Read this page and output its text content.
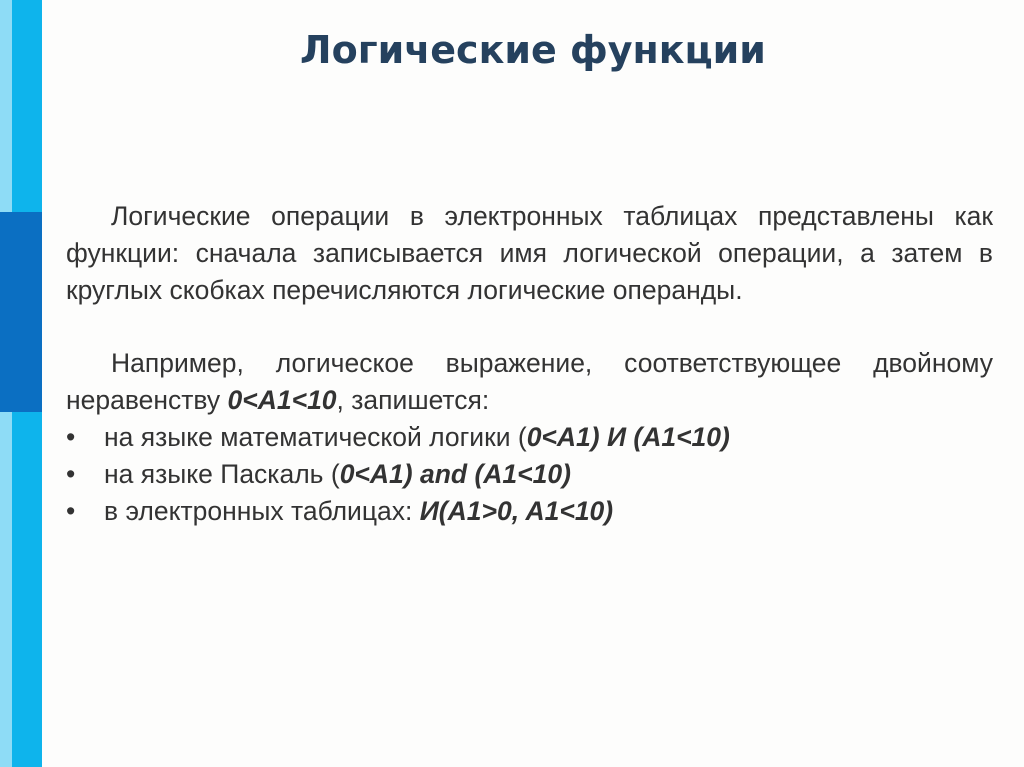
Логические функции

Логические операции в электронных таблицах представлены как функции: сначала записывается имя логической операции, а затем в круглых скобках перечисляются логические операнды.

Например, логическое выражение, соответствующее двойному неравенству 0<A1<10, запишется:

• на языке математической логики (0<A1) И (A1<10)
• на языке Паскаль (0<A1) and (A1<10)
• в электронных таблицах: И(A1>0, A1<10)
